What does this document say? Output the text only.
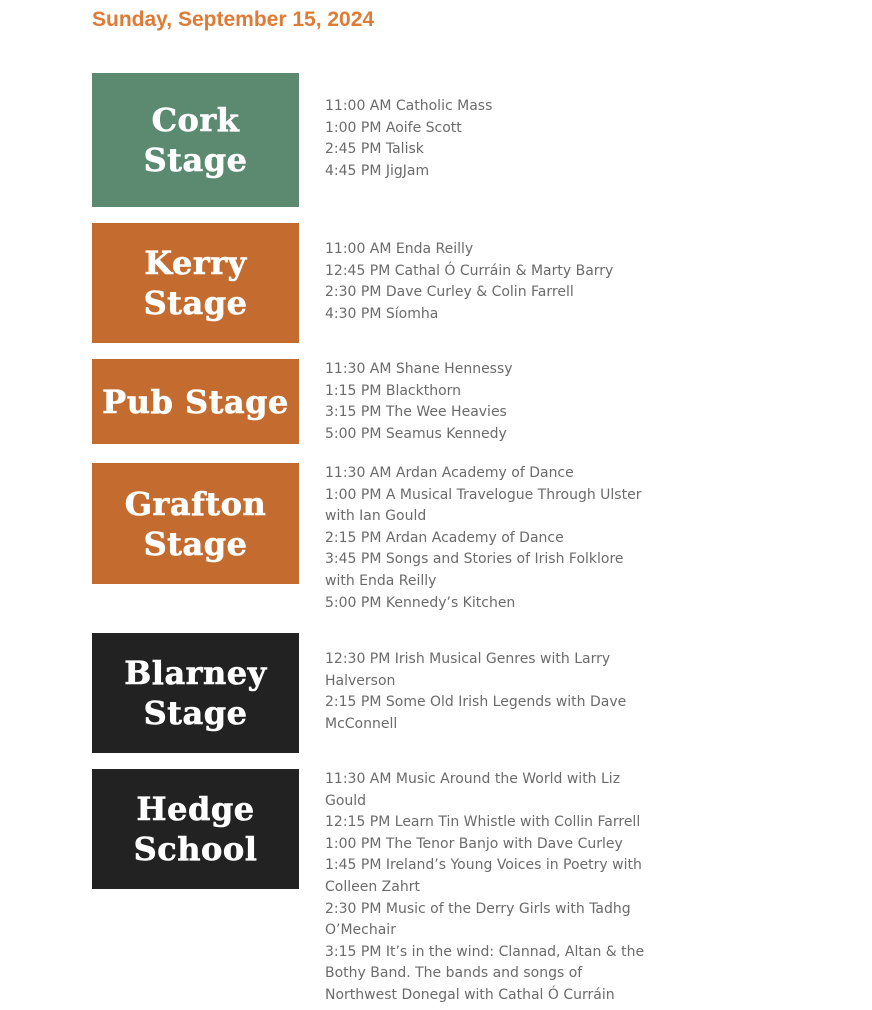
Sunday, September 15, 2024
Cork Stage
11:00 AM Catholic Mass
1:00 PM Aoife Scott
2:45 PM Talisk
4:45 PM JigJam
Kerry Stage
11:00 AM Enda Reilly
12:45 PM Cathal Ó Curráin & Marty Barry
2:30 PM Dave Curley & Colin Farrell
4:30 PM Síomha
Pub Stage
11:30 AM Shane Hennessy
1:15 PM Blackthorn
3:15 PM The Wee Heavies
5:00 PM Seamus Kennedy
Grafton Stage
11:30 AM Ardan Academy of Dance
1:00 PM A Musical Travelogue Through Ulster with Ian Gould
2:15 PM Ardan Academy of Dance
3:45 PM Songs and Stories of Irish Folklore with Enda Reilly
5:00 PM Kennedy’s Kitchen
Blarney Stage
12:30 PM Irish Musical Genres with Larry Halverson
2:15 PM Some Old Irish Legends with Dave McConnell
Hedge School
11:30 AM Music Around the World with Liz Gould
12:15 PM Learn Tin Whistle with Collin Farrell
1:00 PM The Tenor Banjo with Dave Curley
1:45 PM Ireland’s Young Voices in Poetry with Colleen Zahrt
2:30 PM Music of the Derry Girls with Tadhg O’Mechair
3:15 PM It’s in the wind: Clannad, Altan & the Bothy Band. The bands and songs of Northwest Donegal with Cathal Ó Curráin
